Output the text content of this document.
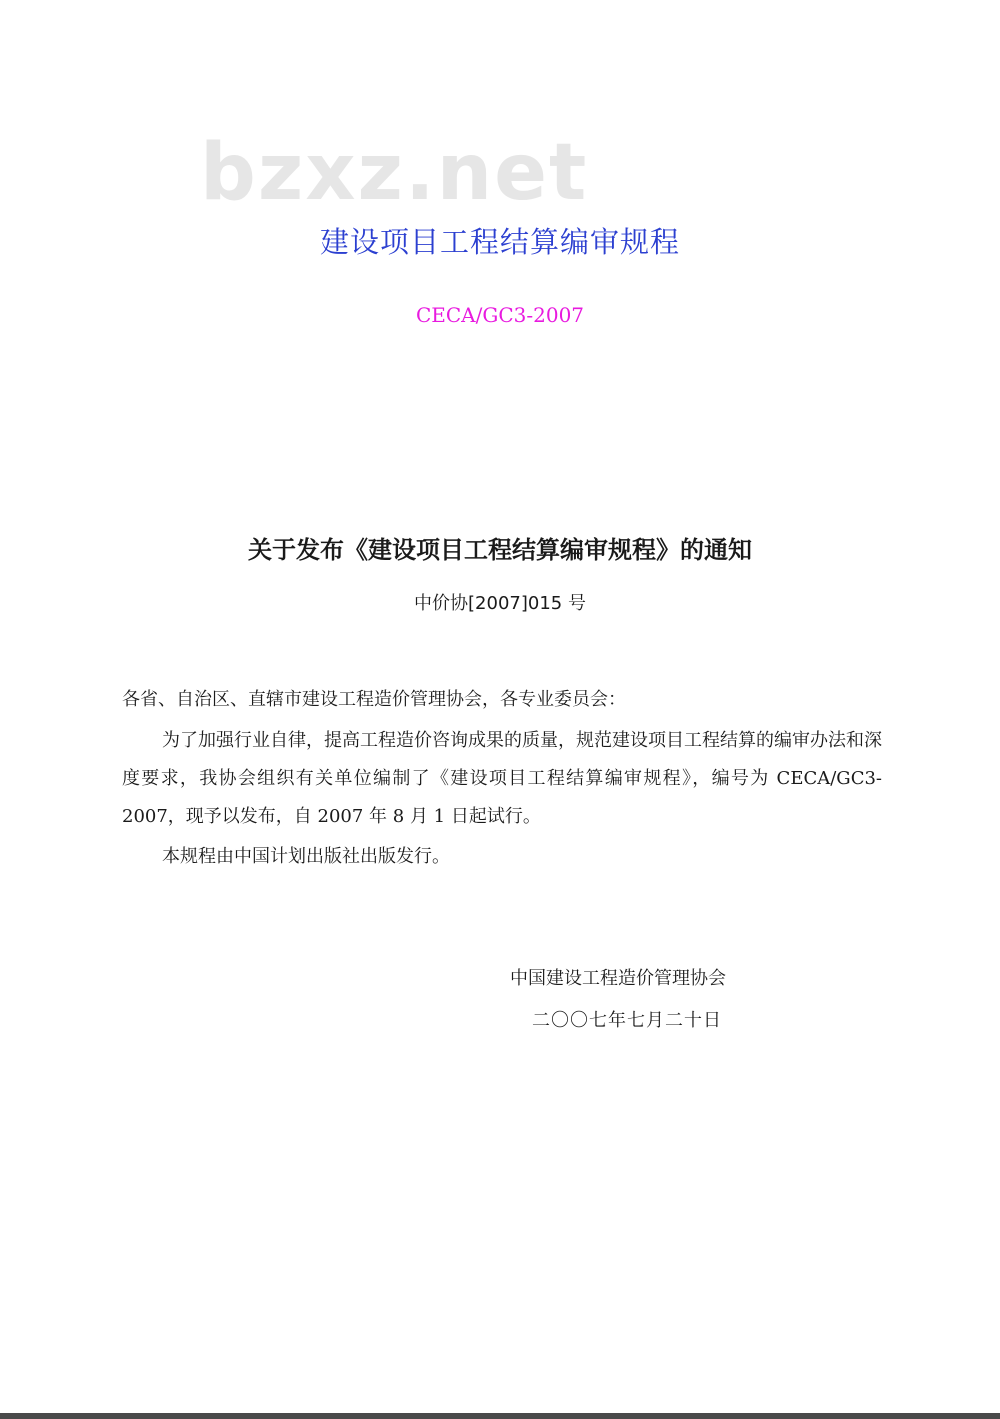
bzxz.net
建设项目工程结算编审规程
CECA/GC3-2007
关于发布《建设项目工程结算编审规程》的通知
中价协[2007]015 号
各省、自治区、直辖市建设工程造价管理协会，各专业委员会：
为了加强行业自律，提高工程造价咨询成果的质量，规范建设项目工程结算的编审办法和深度要求，我协会组织有关单位编制了《建设项目工程结算编审规程》，编号为 CECA/GC3-2007，现予以发布，自 2007 年 8 月 1 日起试行。
本规程由中国计划出版社出版发行。
中国建设工程造价管理协会
二〇〇七年七月二十日
